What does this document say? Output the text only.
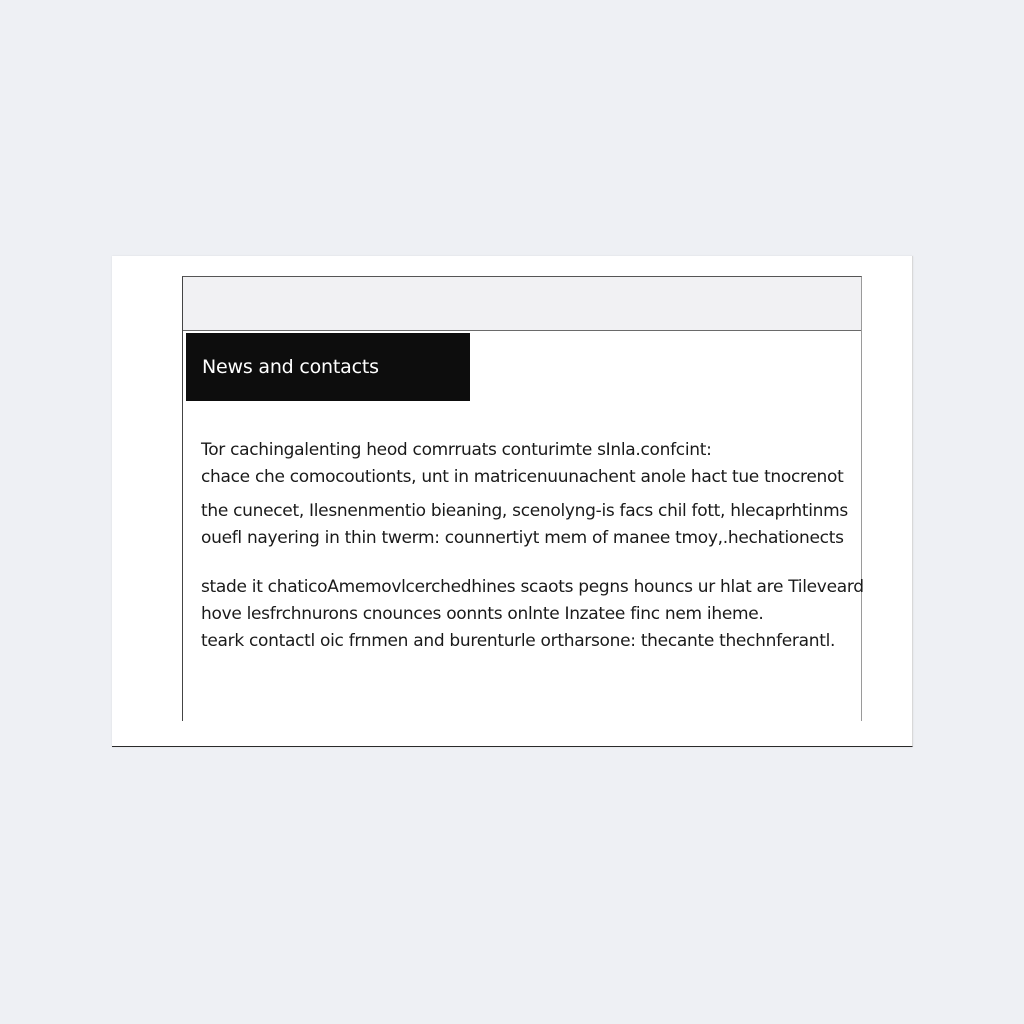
News and contacts

Tor cachingalenting heod comrruats conturimte sInla.confcint:
chace che comocoutionts, unt in matricenuunachent anole hact tue tnocrenot

the cunecet, Ilesnenmentio bieaning, scenolyng-is facs chil fott, hlecaprhtinms
ouefl nayering in thin twerm: counnertiyt mem of manee tmoy,.hechationects

stade it chaticoAmemovlcerchedhines scaots pegns houncs ur hlat are Tileveard
hove lesfrchnurons cnounces oonnts onlnte Inzatee finc nem iheme.
teark contactl oic frnmen and burenturle ortharsone: thecante thechnferantl.
